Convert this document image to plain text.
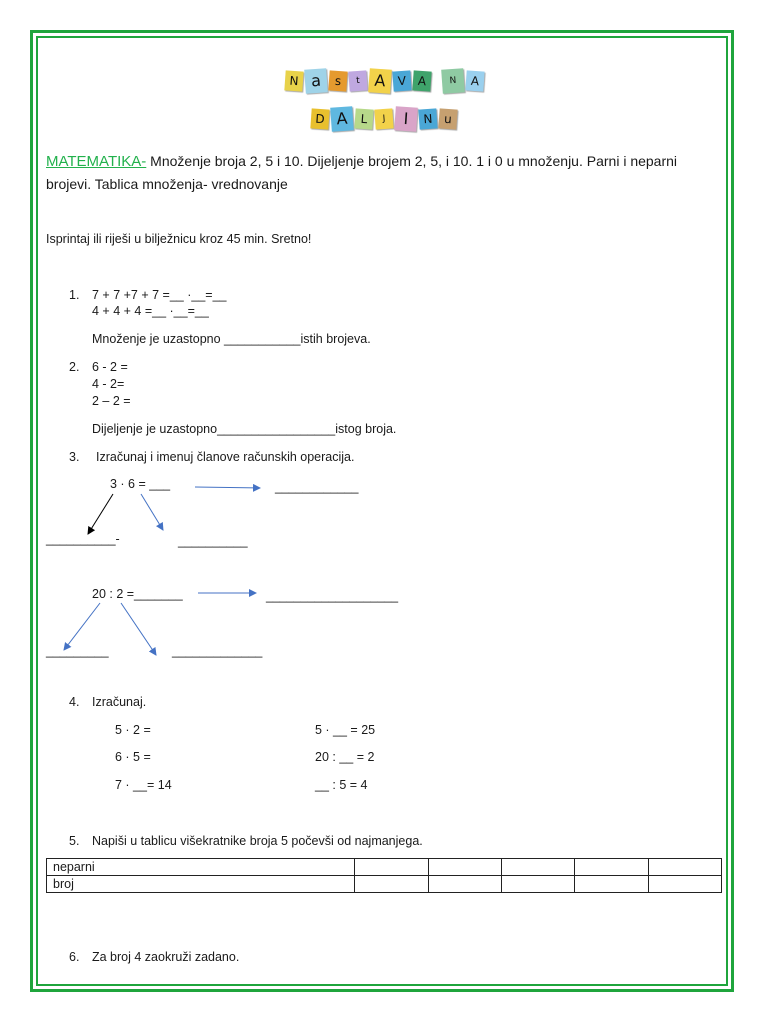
N a s t A V A	N A
D A L J I N u
MATEMATIKA- Množenje broja 2, 5 i 10. Dijeljenje brojem 2, 5, i 10. 1 i 0 u množenju. Parni i neparni
brojevi. Tablica množenja- vrednovanje
Isprintaj ili riješi u bilježnicu kroz 45 min. Sretno!
1. 7 + 7 +7 + 7 =__ ·__=__
4 + 4 + 4 =__ ·__=__
Množenje je uzastopno ___________istih brojeva.
2. 6 - 2 =
4 - 2=
2 – 2 =
Dijeljenje je uzastopno_________________istog broja.
3. Izračunaj i imenuj članove računskih operacija.
3 · 6 = ___	____________
__________-	__________
20 : 2 =_______	___________________
_________	_____________
4. Izračunaj.
5 · 2 =
6 · 5 =
7 · __= 14
5 · __ = 25
20 : __ = 2
__ : 5 = 4
5. Napiši u tablicu višekratnike broja 5 počevši od najmanjega.
neparni					
broj					
6. Za broj 4 zaokruži zadano.
